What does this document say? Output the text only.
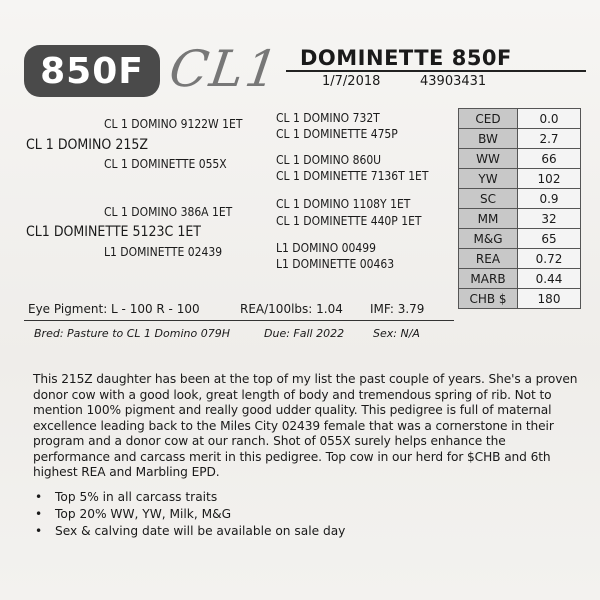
850F CL1 DOMINETTE 850F
1/7/2018	43903431
CL 1 DOMINO 9122W 1ET
CL 1 DOMINO 215Z
CL 1 DOMINETTE 055X
CL 1 DOMINO 386A 1ET
CL1 DOMINETTE 5123C 1ET
L1 DOMINETTE 02439
CL 1 DOMINO 732T
CL 1 DOMINETTE 475P
CL 1 DOMINO 860U
CL 1 DOMINETTE 7136T 1ET
CL 1 DOMINO 1108Y 1ET
CL 1 DOMINETTE 440P 1ET
L1 DOMINO 00499
L1 DOMINETTE 00463
CED	0.0
BW	2.7
WW	66
YW	102
SC	0.9
MM	32
M&G	65
REA	0.72
MARB	0.44
CHB $	180
Eye Pigment: L - 100 R - 100	REA/100lbs: 1.04 IMF: 3.79
Bred: Pasture to CL 1 Domino 079H	Due: Fall 2022	Sex: N/A
This 215Z daughter has been at the top of my list the past couple of years. She's a proven donor cow with a good look, great length of body and tremendous spring of rib. Not to mention 100% pigment and really good udder quality. This pedigree is full of maternal excellence leading back to the Miles City 02439 female that was a cornerstone in their program and a donor cow at our ranch. Shot of 055X surely helps enhance the performance and carcass merit in this pedigree. Top cow in our herd for $CHB and 6th highest REA and Marbling EPD.
• Top 5% in all carcass traits
• Top 20% WW, YW, Milk, M&G
• Sex & calving date will be available on sale day
